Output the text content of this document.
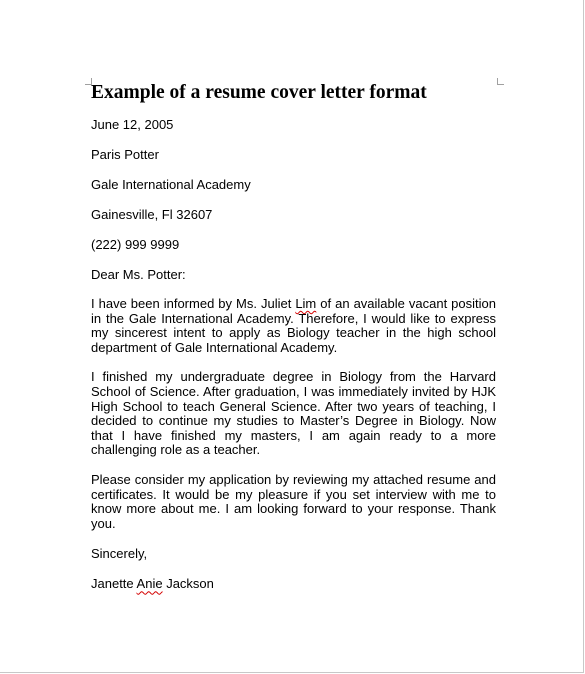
Example of a resume cover letter format
June 12, 2005
Paris Potter
Gale International Academy
Gainesville, Fl 32607
(222) 999 9999
Dear Ms. Potter:
I have been informed by Ms. Juliet Lim of an available vacant position in the Gale International Academy. Therefore, I would like to express my sincerest intent to apply as Biology teacher in the high school department of Gale International Academy.
I finished my undergraduate degree in Biology from the Harvard School of Science. After graduation, I was immediately invited by HJK High School to teach General Science. After two years of teaching, I decided to continue my studies to Master’s Degree in Biology. Now that I have finished my masters, I am again ready to a more challenging role as a teacher.
Please consider my application by reviewing my attached resume and certificates. It would be my pleasure if you set interview with me to know more about me. I am looking forward to your response. Thank you.
Sincerely,
Janette Anie Jackson
